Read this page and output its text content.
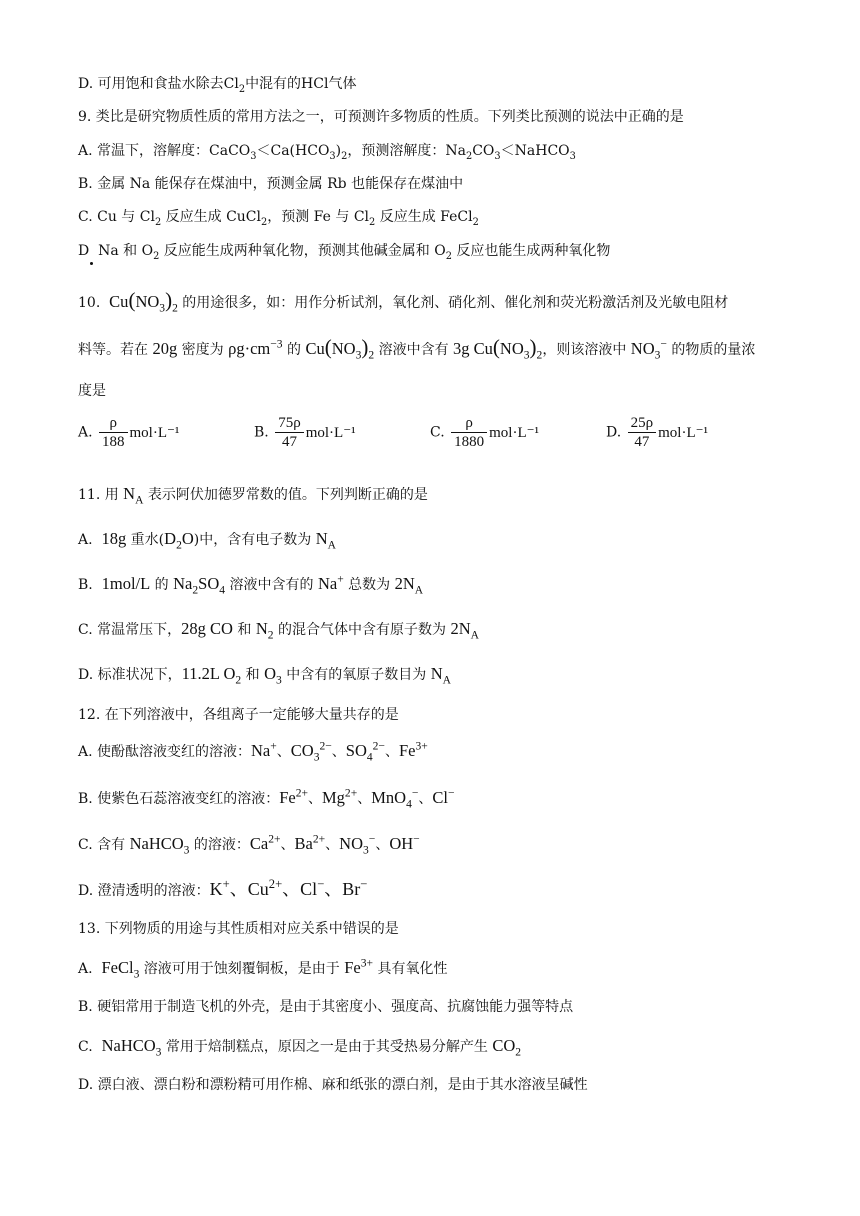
D. 可用饱和食盐水除去$Cl_2$中混有的HCl气体
9. 类比是研究物质性质的常用方法之一，可预测许多物质的性质。下列类比预测的说法中正确的是
A. 常温下，溶解度：$CaCO_3<Ca(HCO_3)_2$，预测溶解度：$Na_2CO_3<NaHCO_3$
B. 金属 Na 能保存在煤油中，预测金属 Rb 也能保存在煤油中
C. Cu 与 $Cl_2$ 反应生成 CuCl$_2$，预测 Fe 与 $Cl_2$ 反应生成 FeCl$_2$
D  Na 和 $O_2$ 反应能生成两种氧化物，预测其他碱金属和 $O_2$ 反应也能生成两种氧化物
10.  $Cu(NO_3)_2$ 的用途很多，如：用作分析试剂，氧化剂、硝化剂、催化剂和荧光粉激活剂及光敏电阻材
料等。若在 20g 密度为 $\rho g\cdot cm^{-3}$ 的 $Cu(NO_3)_2$ 溶液中含有 3g $Cu(NO_3)_2$，则该溶液中 $NO_3^-$ 的物质的量浓
度是
A. $\frac{\rho}{188} mol\cdot L^{-1}$	B. $\frac{75\rho}{47} mol\cdot L^{-1}$	C. $\frac{\rho}{1880} mol\cdot L^{-1}$	D. $\frac{25\rho}{47} mol\cdot L^{-1}$
11. 用 $N_A$ 表示阿伏加德罗常数的值。下列判断正确的是
A.  18g 重水$(D_2O)$中，含有电子数为 $N_A$
B.  1mol/L 的 $Na_2SO_4$ 溶液中含有的 Na+ 总数为 $2N_A$
C. 常温常压下，28g CO 和 $N_2$ 的混合气体中含有原子数为 $2N_A$
D. 标准状况下，11.2L $O_2$ 和 $O_3$ 中含有的氧原子数目为 $N_A$
12. 在下列溶液中，各组离子一定能够大量共存的是
A. 使酚酞溶液变红的溶液：Na+、$CO_3^{2-}$、$SO_4^{2-}$、$Fe^{3+}$
B. 使紫色石蕊溶液变红的溶液：$Fe^{2+}$、$Mg^{2+}$、MnO$_4$−、Cl−
C. 含有 NaHCO$_3$ 的溶液：$Ca^{2+}$、$Ba^{2+}$、$NO_3^-$、OH−
D. 澄清透明的溶液：K+、$Cu^{2+}$、Cl−、Br−
13. 下列物质的用途与其性质相对应关系中错误的是
A.  FeCl$_3$ 溶液可用于蚀刻覆铜板，是由于 $Fe^{3+}$ 具有氧化性
B. 硬铝常用于制造飞机的外壳，是由于其密度小、强度高、抗腐蚀能力强等特点
C.  NaHCO$_3$ 常用于焙制糕点，原因之一是由于其受热易分解产生 $CO_2$
D. 漂白液、漂白粉和漂粉精可用作棉、麻和纸张的漂白剂，是由于其水溶液呈碱性
